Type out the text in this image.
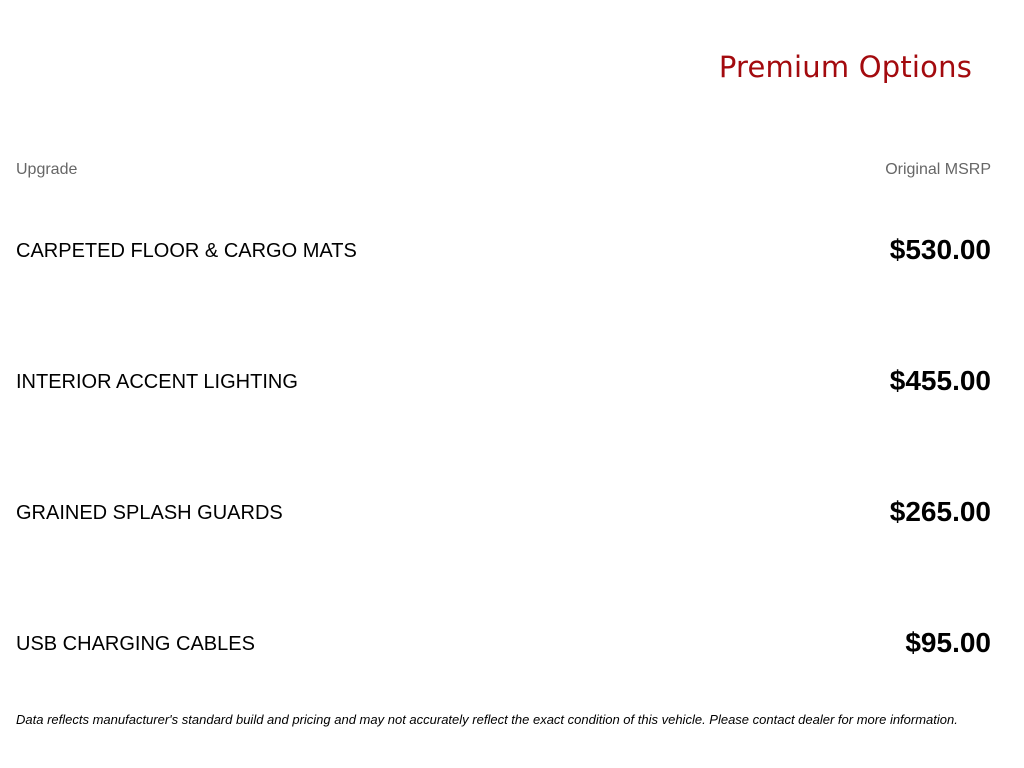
Premium Options
Upgrade	Original MSRP
CARPETED FLOOR & CARGO MATS	$530.00
INTERIOR ACCENT LIGHTING	$455.00
GRAINED SPLASH GUARDS	$265.00
USB CHARGING CABLES	$95.00
Data reflects manufacturer's standard build and pricing and may not accurately reflect the exact condition of this vehicle. Please contact dealer for more information.
